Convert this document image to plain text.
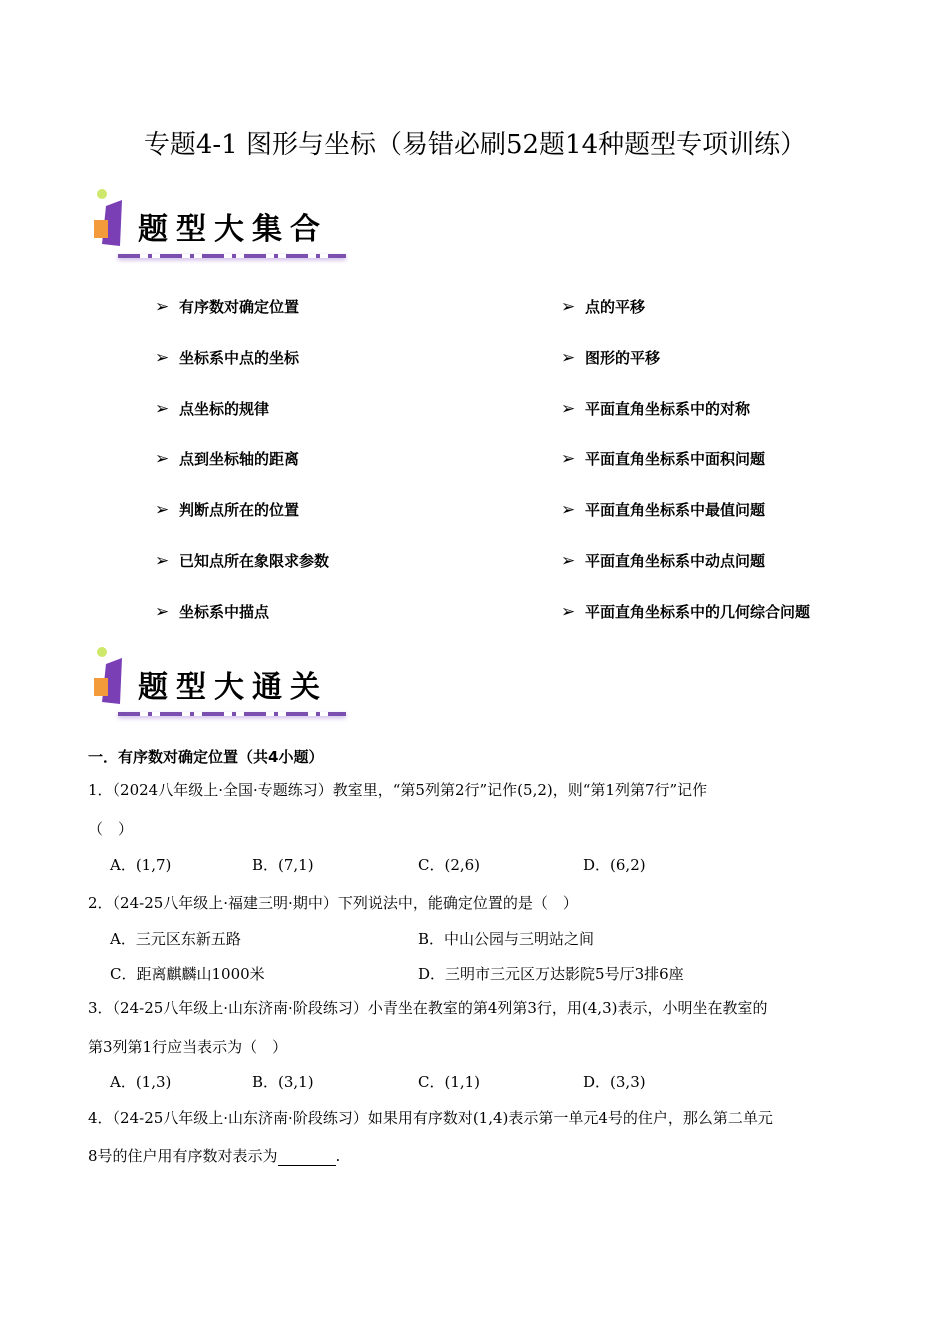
专题4-1 图形与坐标（易错必刷52题14种题型专项训练）
题型大集合
➢ 有序数对确定位置
➢ 坐标系中点的坐标
➢ 点坐标的规律
➢ 点到坐标轴的距离
➢ 判断点所在的位置
➢ 已知点所在象限求参数
➢ 坐标系中描点
➢ 点的平移
➢ 图形的平移
➢ 平面直角坐标系中的对称
➢ 平面直角坐标系中面积问题
➢ 平面直角坐标系中最值问题
➢ 平面直角坐标系中动点问题
➢ 平面直角坐标系中的几何综合问题
题型大通关
一．有序数对确定位置（共4小题）
1．（2024八年级上·全国·专题练习）教室里，“第5列第2行”记作(5,2)，则“第1列第7行”记作
（　）
A．(1,7)	B．(7,1)	C．(2,6)	D．(6,2)
2．（24-25八年级上·福建三明·期中）下列说法中，能确定位置的是（　）
A．三元区东新五路	B．中山公园与三明站之间
C．距离麒麟山1000米	D．三明市三元区万达影院5号厅3排6座
3．（24-25八年级上·山东济南·阶段练习）小青坐在教室的第4列第3行，用(4,3)表示，小明坐在教室的
第3列第1行应当表示为（　）
A．(1,3)	B．(3,1)	C．(1,1)	D．(3,3)
4．（24-25八年级上·山东济南·阶段练习）如果用有序数对(1,4)表示第一单元4号的住户，那么第二单元
8号的住户用有序数对表示为	.
